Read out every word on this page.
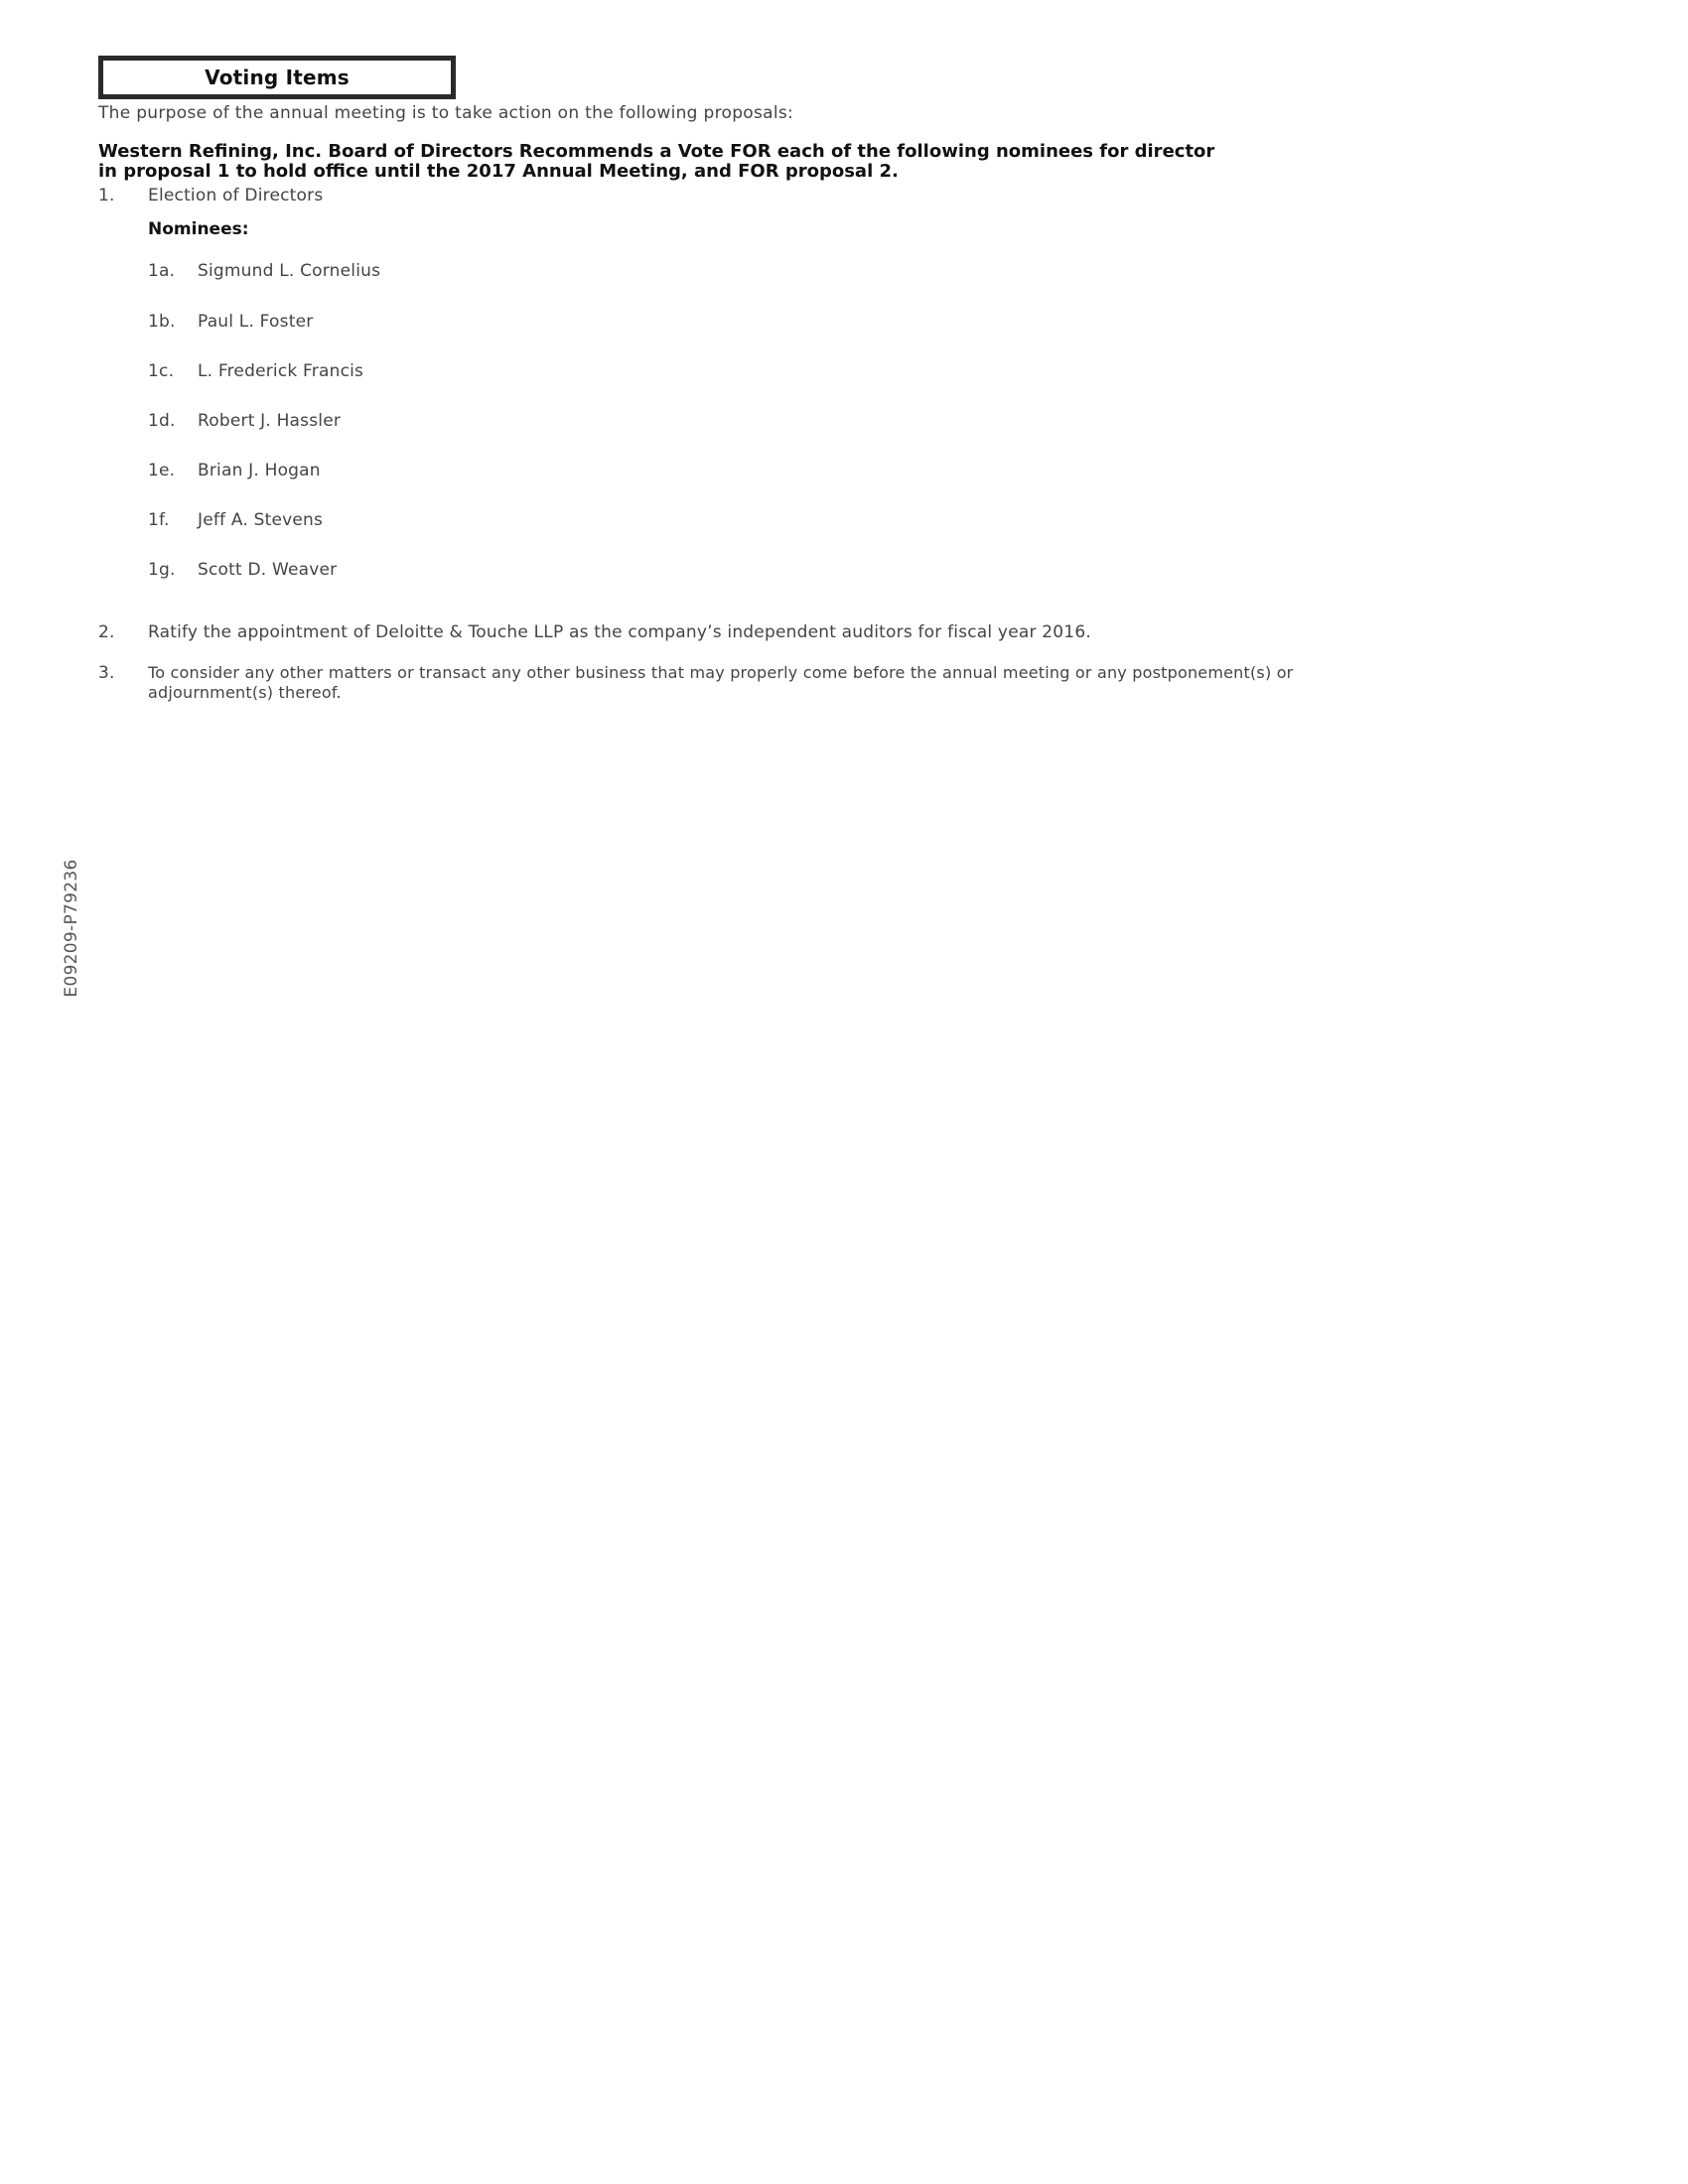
Voting Items
The purpose of the annual meeting is to take action on the following proposals:
Western Refining, Inc. Board of Directors Recommends a Vote FOR each of the following nominees for director in proposal 1 to hold office until the 2017 Annual Meeting, and FOR proposal 2.
1.	Election of Directors
Nominees:
1a.	Sigmund L. Cornelius
1b.	Paul L. Foster
1c.	L. Frederick Francis
1d.	Robert J. Hassler
1e.	Brian J. Hogan
1f.	Jeff A. Stevens
1g.	Scott D. Weaver
2.	Ratify the appointment of Deloitte & Touche LLP as the company’s independent auditors for fiscal year 2016.
3.	To consider any other matters or transact any other business that may properly come before the annual meeting or any postponement(s) or adjournment(s) thereof.
E09209-P79236
